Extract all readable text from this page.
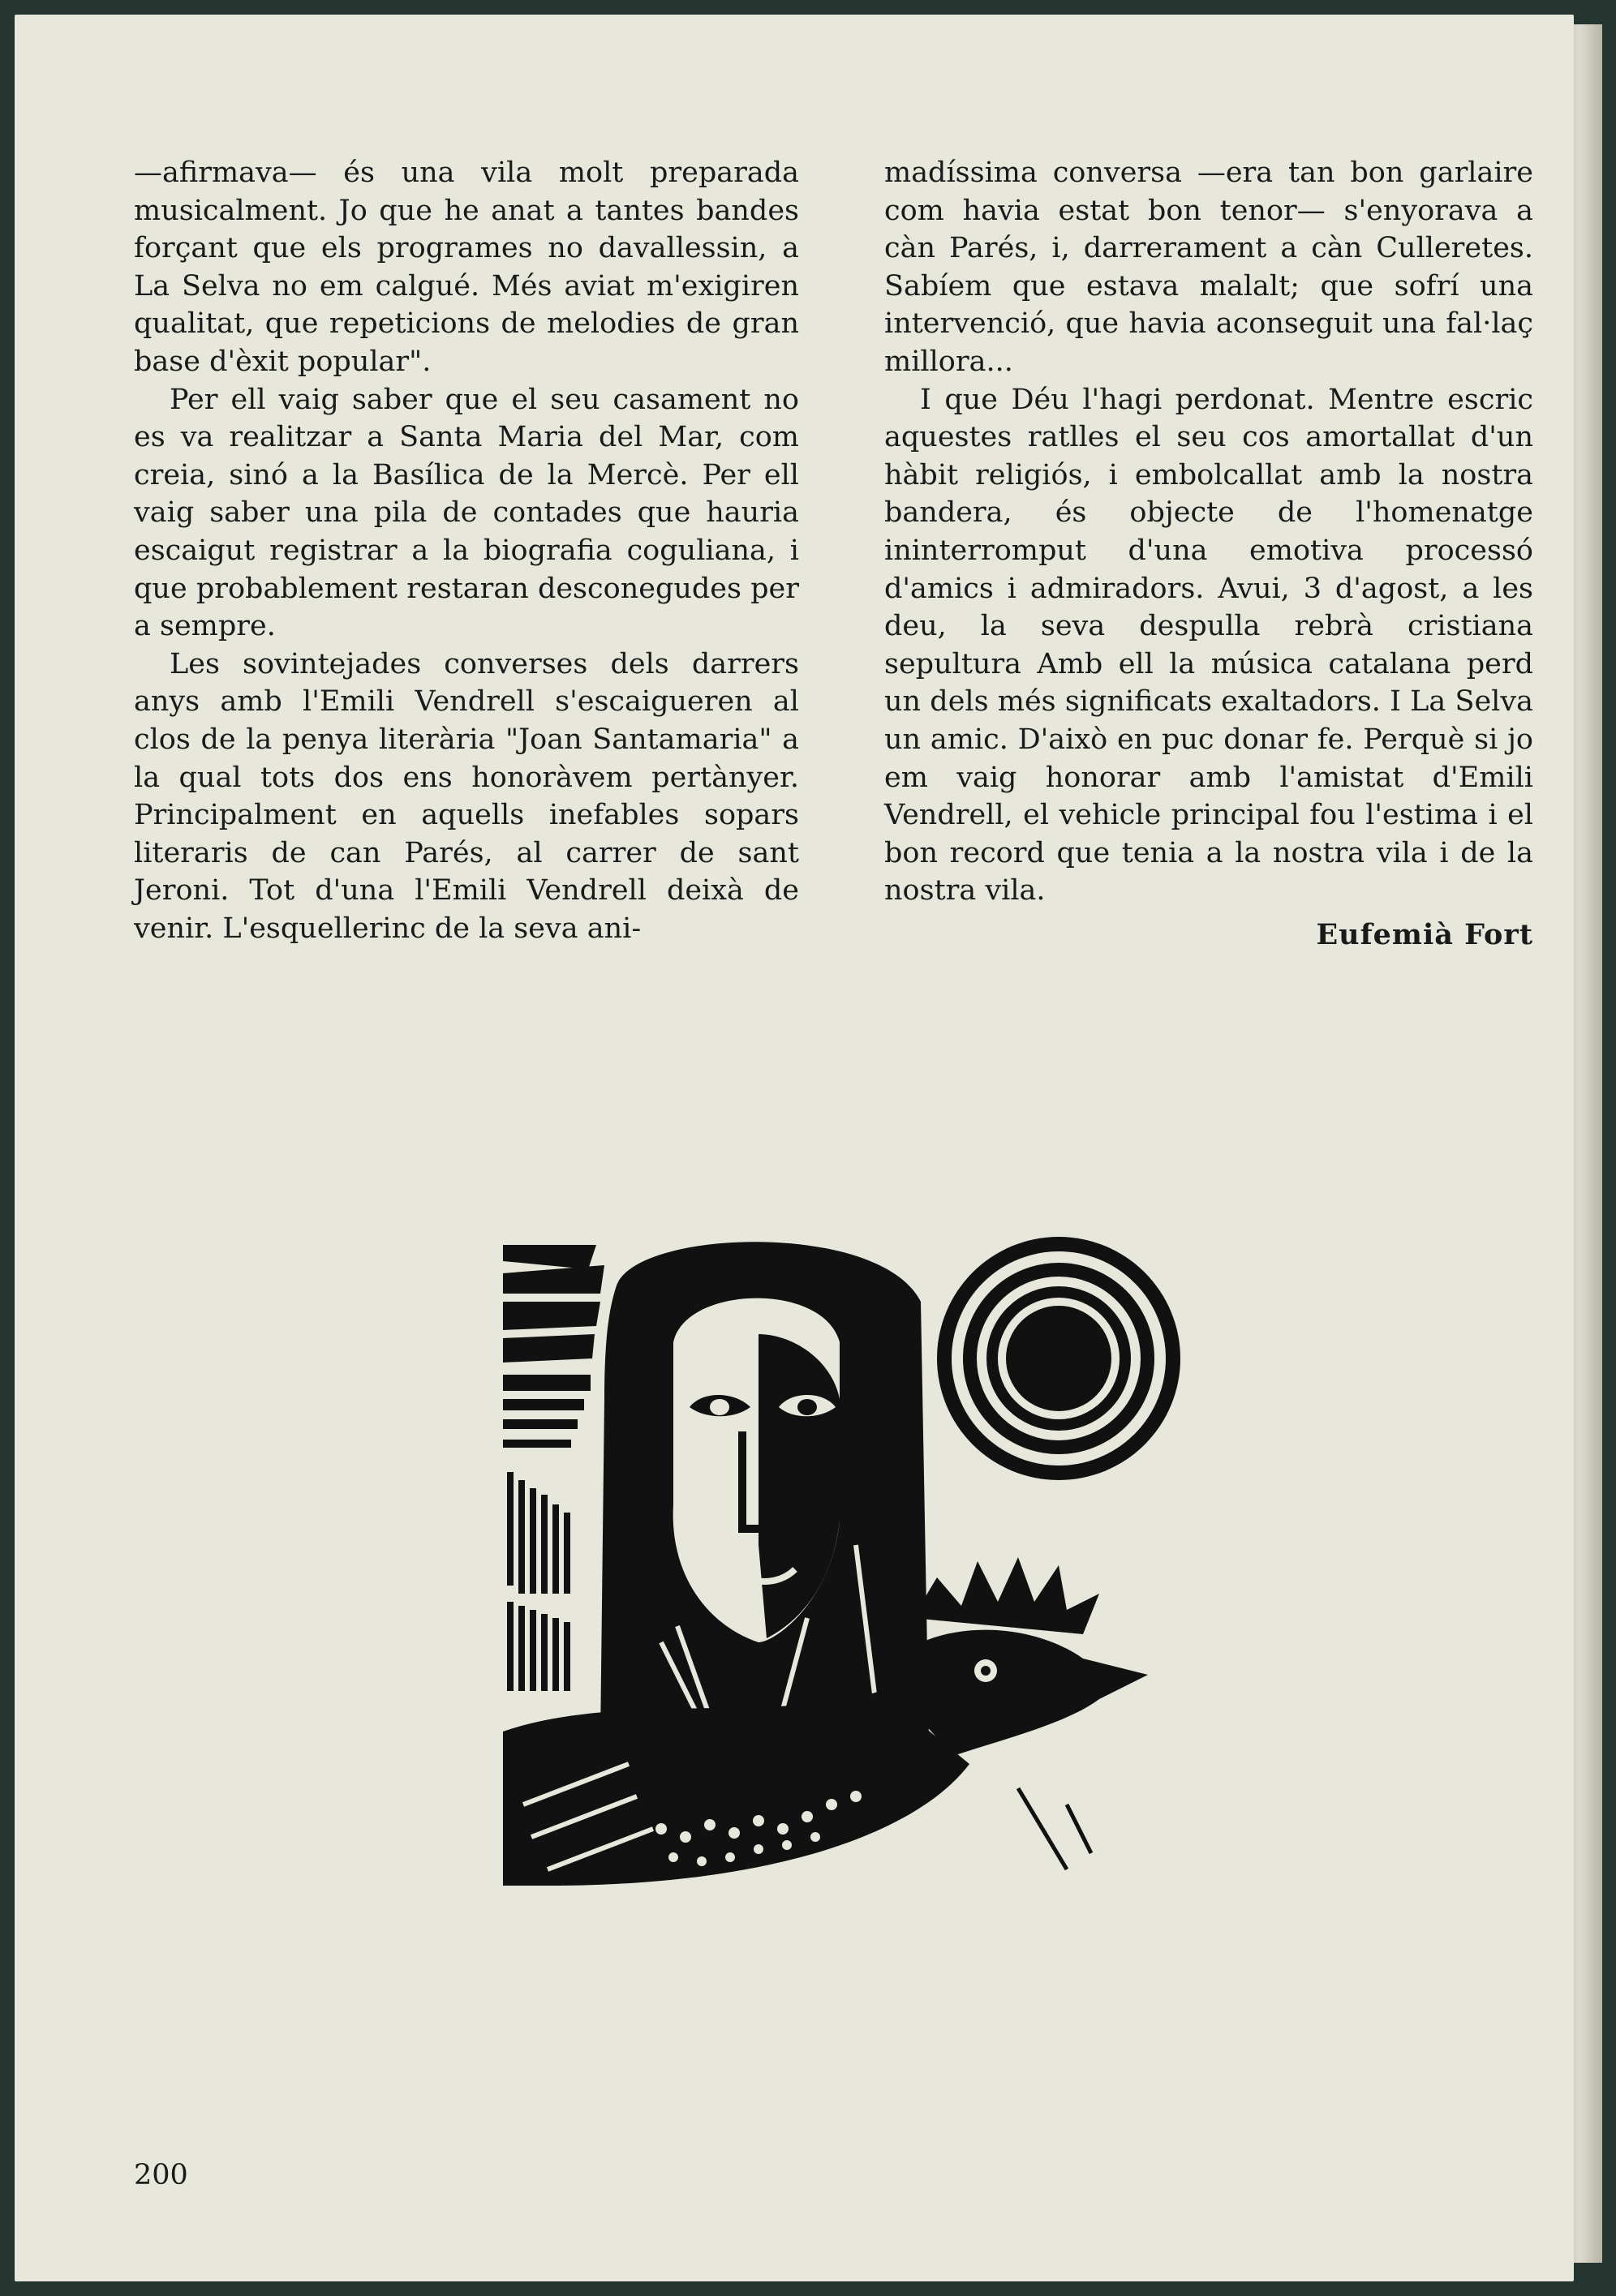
—afirmava— és una vila molt preparada musicalment. Jo que he anat a tantes bandes forçant que els programes no davallessin, a La Selva no em calgué. Més aviat m'exigiren qualitat, que repeticions de melodies de gran base d'èxit popular".

Per ell vaig saber que el seu casament no es va realitzar a Santa Maria del Mar, com creia, sinó a la Basílica de la Mercè. Per ell vaig saber una pila de contades que hauria escaigut registrar a la biografia coguliana, i que probablement restaran desconegudes per a sempre.

Les sovintejades converses dels darrers anys amb l'Emili Vendrell s'escaigueren al clos de la penya literària "Joan Santamaria" a la qual tots dos ens honoràvem pertànyer. Principalment en aquells inefables sopars literaris de can Parés, al carrer de sant Jeroni. Tot d'una l'Emili Vendrell deixà de venir. L'esquellerinc de la seva ani-

madíssima conversa —era tan bon garlaire com havia estat bon tenor— s'enyorava a càn Parés, i, darrerament a càn Culleretes. Sabíem que estava malalt; que sofrí una intervenció, que havia aconseguit una fal·laç millora...

I que Déu l'hagi perdonat. Mentre escric aquestes ratlles el seu cos amortallat d'un hàbit religiós, i embolcallat amb la nostra bandera, és objecte de l'homenatge ininterromput d'una emotiva processó d'amics i admiradors. Avui, 3 d'agost, a les deu, la seva despulla rebrà cristiana sepultura Amb ell la música catalana perd un dels més significats exaltadors. I La Selva un amic. D'això en puc donar fe. Perquè si jo em vaig honorar amb l'amistat d'Emili Vendrell, el vehicle principal fou l'estima i el bon record que tenia a la nostra vila i de la nostra vila.

Eufemià Fort

200
